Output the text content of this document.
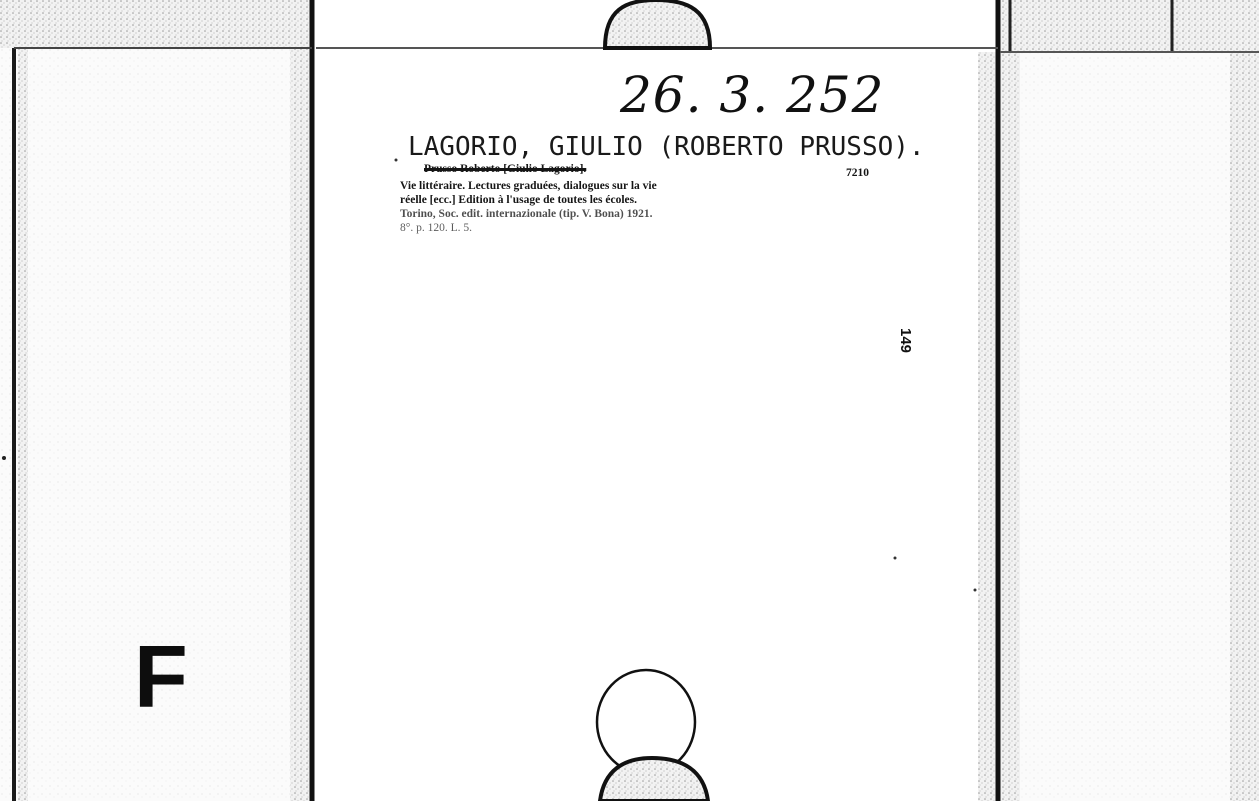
26. 3. 252
LAGORIO, GIULIO (ROBERTO PRUSSO).
Prusso Roberto [Giulio Lagorio].	7210
Vie littéraire. Lectures graduées, dialogues sur la vie
réelle [ecc.] Edition à l'usage de toutes les écoles.
Torino, Soc. edit. internazionale (tip. V. Bona) 1921.
8°. p. 120. L. 5.
149
F
